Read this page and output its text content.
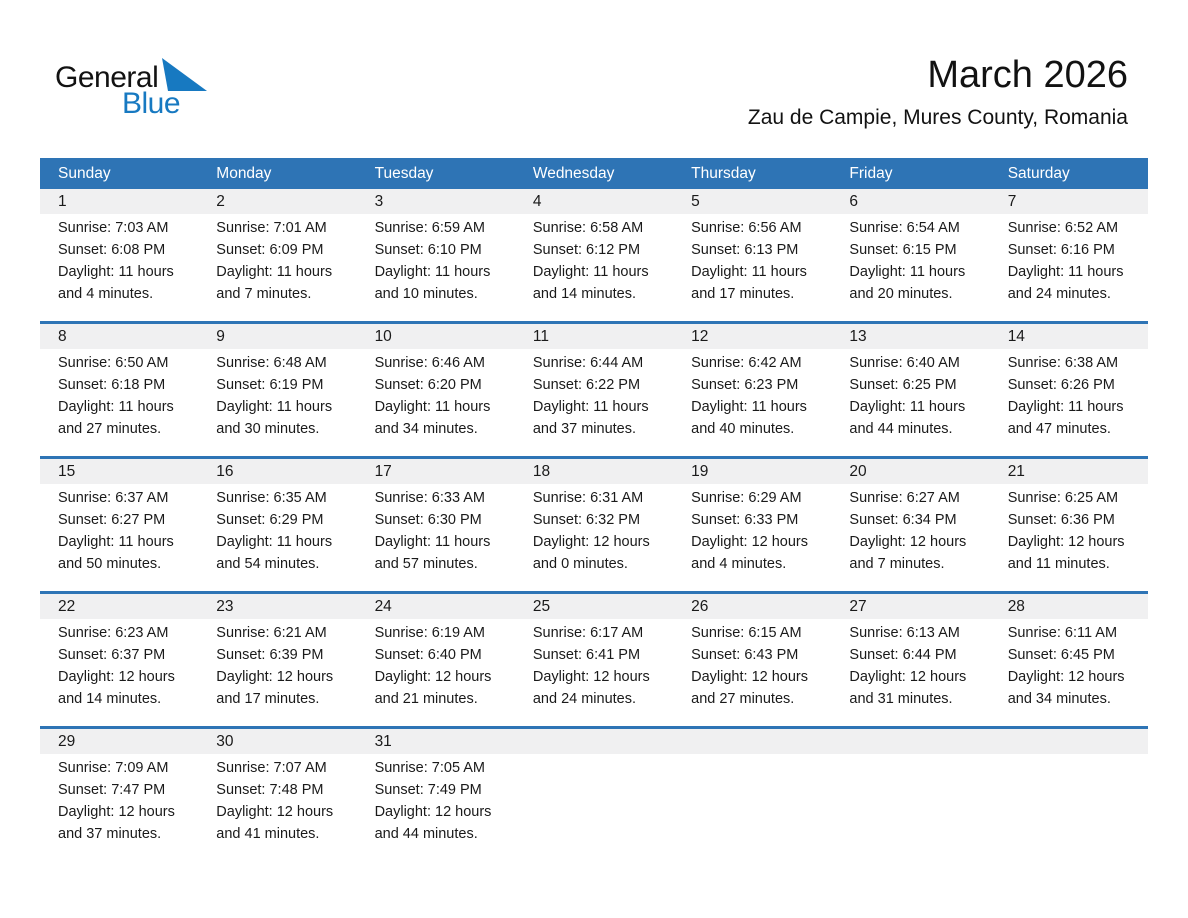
General
Blue
March 2026
Zau de Campie, Mures County, Romania
Sunday	Monday	Tuesday	Wednesday	Thursday	Friday	Saturday
1	2	3	4	5	6	7
Sunrise: 7:03 AM
Sunset: 6:08 PM
Daylight: 11 hours
and 4 minutes.
Sunrise: 7:01 AM
Sunset: 6:09 PM
Daylight: 11 hours
and 7 minutes.
Sunrise: 6:59 AM
Sunset: 6:10 PM
Daylight: 11 hours
and 10 minutes.
Sunrise: 6:58 AM
Sunset: 6:12 PM
Daylight: 11 hours
and 14 minutes.
Sunrise: 6:56 AM
Sunset: 6:13 PM
Daylight: 11 hours
and 17 minutes.
Sunrise: 6:54 AM
Sunset: 6:15 PM
Daylight: 11 hours
and 20 minutes.
Sunrise: 6:52 AM
Sunset: 6:16 PM
Daylight: 11 hours
and 24 minutes.
8	9	10	11	12	13	14
Sunrise: 6:50 AM
Sunset: 6:18 PM
Daylight: 11 hours
and 27 minutes.
Sunrise: 6:48 AM
Sunset: 6:19 PM
Daylight: 11 hours
and 30 minutes.
Sunrise: 6:46 AM
Sunset: 6:20 PM
Daylight: 11 hours
and 34 minutes.
Sunrise: 6:44 AM
Sunset: 6:22 PM
Daylight: 11 hours
and 37 minutes.
Sunrise: 6:42 AM
Sunset: 6:23 PM
Daylight: 11 hours
and 40 minutes.
Sunrise: 6:40 AM
Sunset: 6:25 PM
Daylight: 11 hours
and 44 minutes.
Sunrise: 6:38 AM
Sunset: 6:26 PM
Daylight: 11 hours
and 47 minutes.
15	16	17	18	19	20	21
Sunrise: 6:37 AM
Sunset: 6:27 PM
Daylight: 11 hours
and 50 minutes.
Sunrise: 6:35 AM
Sunset: 6:29 PM
Daylight: 11 hours
and 54 minutes.
Sunrise: 6:33 AM
Sunset: 6:30 PM
Daylight: 11 hours
and 57 minutes.
Sunrise: 6:31 AM
Sunset: 6:32 PM
Daylight: 12 hours
and 0 minutes.
Sunrise: 6:29 AM
Sunset: 6:33 PM
Daylight: 12 hours
and 4 minutes.
Sunrise: 6:27 AM
Sunset: 6:34 PM
Daylight: 12 hours
and 7 minutes.
Sunrise: 6:25 AM
Sunset: 6:36 PM
Daylight: 12 hours
and 11 minutes.
22	23	24	25	26	27	28
Sunrise: 6:23 AM
Sunset: 6:37 PM
Daylight: 12 hours
and 14 minutes.
Sunrise: 6:21 AM
Sunset: 6:39 PM
Daylight: 12 hours
and 17 minutes.
Sunrise: 6:19 AM
Sunset: 6:40 PM
Daylight: 12 hours
and 21 minutes.
Sunrise: 6:17 AM
Sunset: 6:41 PM
Daylight: 12 hours
and 24 minutes.
Sunrise: 6:15 AM
Sunset: 6:43 PM
Daylight: 12 hours
and 27 minutes.
Sunrise: 6:13 AM
Sunset: 6:44 PM
Daylight: 12 hours
and 31 minutes.
Sunrise: 6:11 AM
Sunset: 6:45 PM
Daylight: 12 hours
and 34 minutes.
29	30	31
Sunrise: 7:09 AM
Sunset: 7:47 PM
Daylight: 12 hours
and 37 minutes.
Sunrise: 7:07 AM
Sunset: 7:48 PM
Daylight: 12 hours
and 41 minutes.
Sunrise: 7:05 AM
Sunset: 7:49 PM
Daylight: 12 hours
and 44 minutes.
